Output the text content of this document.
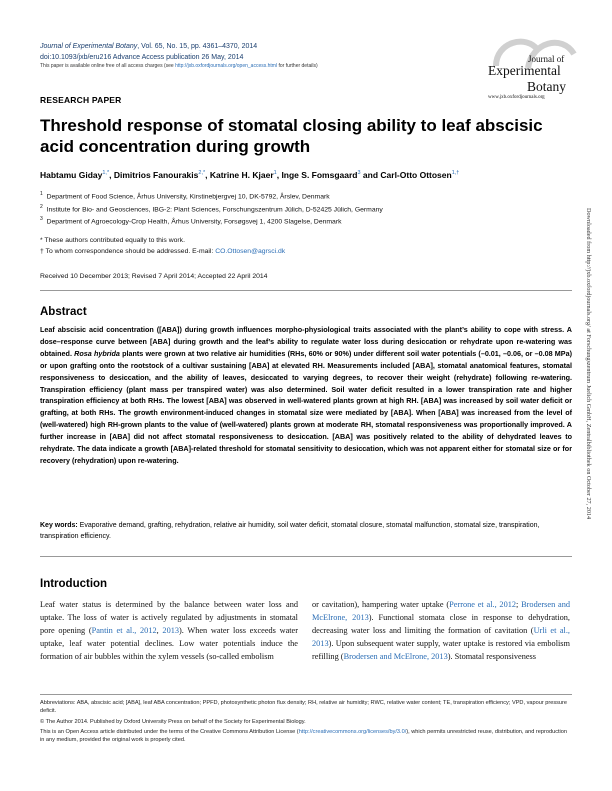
Journal of Experimental Botany, Vol. 65, No. 15, pp. 4361–4370, 2014
doi:10.1093/jxb/eru216 Advance Access publication 26 May, 2014
This paper is available online free of all access charges (see http://jxb.oxfordjournals.org/open_access.html for further details)
Journal of
Experimental
Botany
www.jxb.oxfordjournals.org
RESEARCH PAPER
Threshold response of stomatal closing ability to leaf abscisic acid concentration during growth
Habtamu Giday$^{1,*}$, Dimitrios Fanourakis$^{2,*}$, Katrine H. Kjaer$^1$, Inge S. Fomsgaard$^3$ and Carl-Otto Ottosen$^{1,\dagger}$
$^1$ Department of Food Science, Århus University, Kirstinebjergvej 10, DK-5792, Årslev, Denmark
$^2$ Institute for Bio- and Geosciences, IBG-2: Plant Sciences, Forschungszentrum Jülich, D-52425 Jülich, Germany
$^3$ Department of Agroecology-Crop Health, Århus University, Forsøgsvej 1, 4200 Slagelse, Denmark
* These authors contributed equally to this work.
† To whom correspondence should be addressed. E-mail: CO.Ottosen@agrsci.dk
Received 10 December 2013; Revised 7 April 2014; Accepted 22 April 2014
Abstract
Leaf abscisic acid concentration ([ABA]) during growth influences morpho-physiological traits associated with the plant’s ability to cope with stress. A dose–response curve between [ABA] during growth and the leaf’s ability to regulate water loss during desiccation or rehydrate upon re-watering was obtained. Rosa hybrida plants were grown at two relative air humidities (RHs, 60% or 90%) under different soil water potentials (–0.01, –0.06, or –0.08 MPa) or upon grafting onto the rootstock of a cultivar sustaining [ABA] at elevated RH. Measurements included [ABA], stomatal anatomical features, stomatal responsiveness to desiccation, and the ability of leaves, desiccated to varying degrees, to recover their weight (rehydrate) following re-watering. Transpiration efficiency (plant mass per transpired water) was also determined. Soil water deficit resulted in a lower transpiration rate and higher transpiration efficiency at both RHs. The lowest [ABA] was observed in well-watered plants grown at high RH. [ABA] was increased by soil water deficit or grafting, at both RHs. The growth environment-induced changes in stomatal size were mediated by [ABA]. When [ABA] was increased from the level of (well-watered) high RH-grown plants to the value of (well-watered) plants grown at moderate RH, stomatal responsiveness was proportionally improved. A further increase in [ABA] did not affect stomatal responsiveness to desiccation. [ABA] was positively related to the ability of dehydrated leaves to rehydrate. The data indicate a growth [ABA]-related threshold for stomatal sensitivity to desiccation, which was not apparent either for stomatal size or for recovery (rehydration) upon re-watering.
Key words: Evaporative demand, grafting, rehydration, relative air humidity, soil water deficit, stomatal closure, stomatal malfunction, stomatal size, transpiration, transpiration efficiency.
Introduction
Leaf water status is determined by the balance between water loss and uptake. The loss of water is actively regulated by adjustments in stomatal pore opening (Pantin et al., 2012, 2013). When water loss exceeds water uptake, leaf water potential declines. Low water potentials induce the formation of air bubbles within the xylem vessels (so-called embolism
or cavitation), hampering water uptake (Perrone et al., 2012; Brodersen and McElrone, 2013). Functional stomata close in response to dehydration, decreasing water loss and limiting the formation of cavitation (Urli et al., 2013). Upon subsequent water supply, water uptake is restored via embolism refilling (Brodersen and McElrone, 2013). Stomatal responsiveness
Abbreviations: ABA, abscisic acid; [ABA], leaf ABA concentration; PPFD, photosynthetic photon flux density; RH, relative air humidity; RWC, relative water content; TE, transpiration efficiency; VPD, vapour pressure deficit.
© The Author 2014. Published by Oxford University Press on behalf of the Society for Experimental Biology.
This is an Open Access article distributed under the terms of the Creative Commons Attribution License (http://creativecommons.org/licenses/by/3.0/), which permits unrestricted reuse, distribution, and reproduction in any medium, provided the original work is properly cited.
Downloaded from http://jxb.oxfordjournals.org/ at Forschungszentrum Juelich GmbH, Zentralbibliothek on October 27, 2014
